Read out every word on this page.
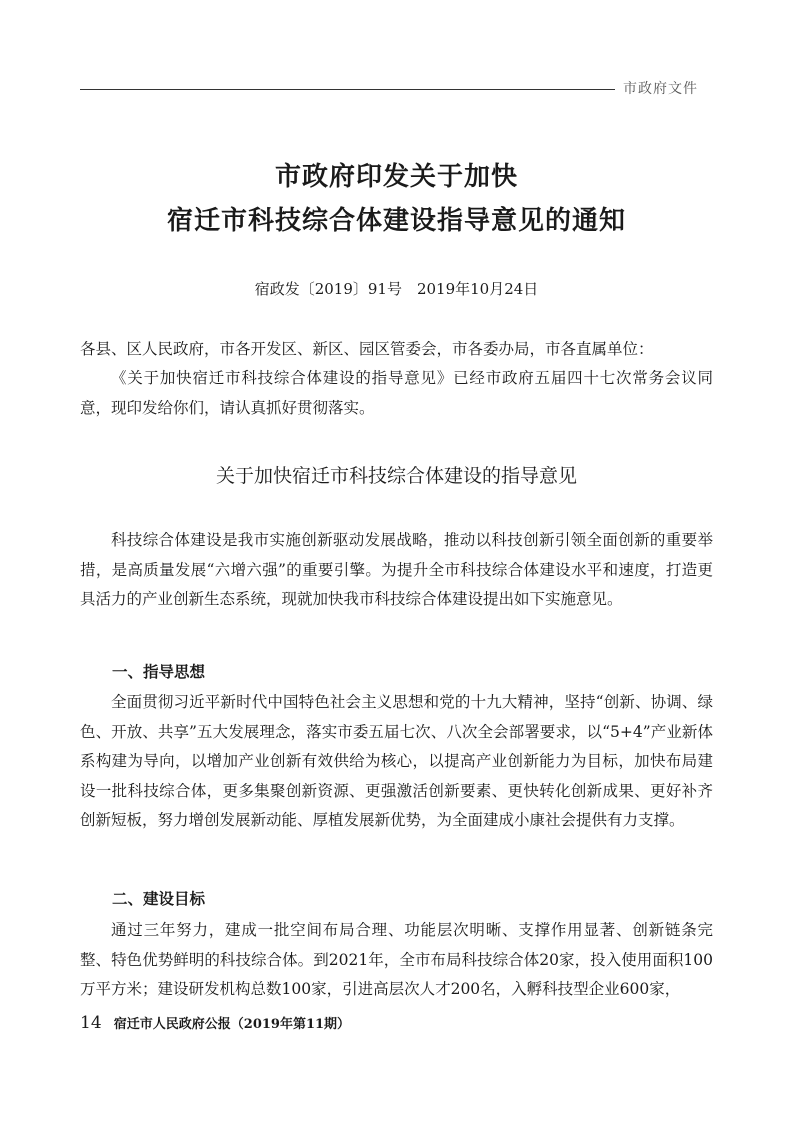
市政府文件
市政府印发关于加快
宿迁市科技综合体建设指导意见的通知
宿政发〔2019〕91号　2019年10月24日
各县、区人民政府，市各开发区、新区、园区管委会，市各委办局，市各直属单位：
《关于加快宿迁市科技综合体建设的指导意见》已经市政府五届四十七次常务会议同意，现印发给你们，请认真抓好贯彻落实。
关于加快宿迁市科技综合体建设的指导意见
科技综合体建设是我市实施创新驱动发展战略，推动以科技创新引领全面创新的重要举措，是高质量发展“六增六强”的重要引擎。为提升全市科技综合体建设水平和速度，打造更具活力的产业创新生态系统，现就加快我市科技综合体建设提出如下实施意见。
一、指导思想
全面贯彻习近平新时代中国特色社会主义思想和党的十九大精神，坚持“创新、协调、绿色、开放、共享”五大发展理念，落实市委五届七次、八次全会部署要求，以“5+4”产业新体系构建为导向，以增加产业创新有效供给为核心，以提高产业创新能力为目标，加快布局建设一批科技综合体，更多集聚创新资源、更强激活创新要素、更快转化创新成果、更好补齐创新短板，努力增创发展新动能、厚植发展新优势，为全面建成小康社会提供有力支撑。
二、建设目标
通过三年努力，建成一批空间布局合理、功能层次明晰、支撑作用显著、创新链条完整、特色优势鲜明的科技综合体。到2021年，全市布局科技综合体20家，投入使用面积100万平方米；建设研发机构总数100家，引进高层次人才200名，入孵科技型企业600家，
14 宿迁市人民政府公报（2019年第11期）
